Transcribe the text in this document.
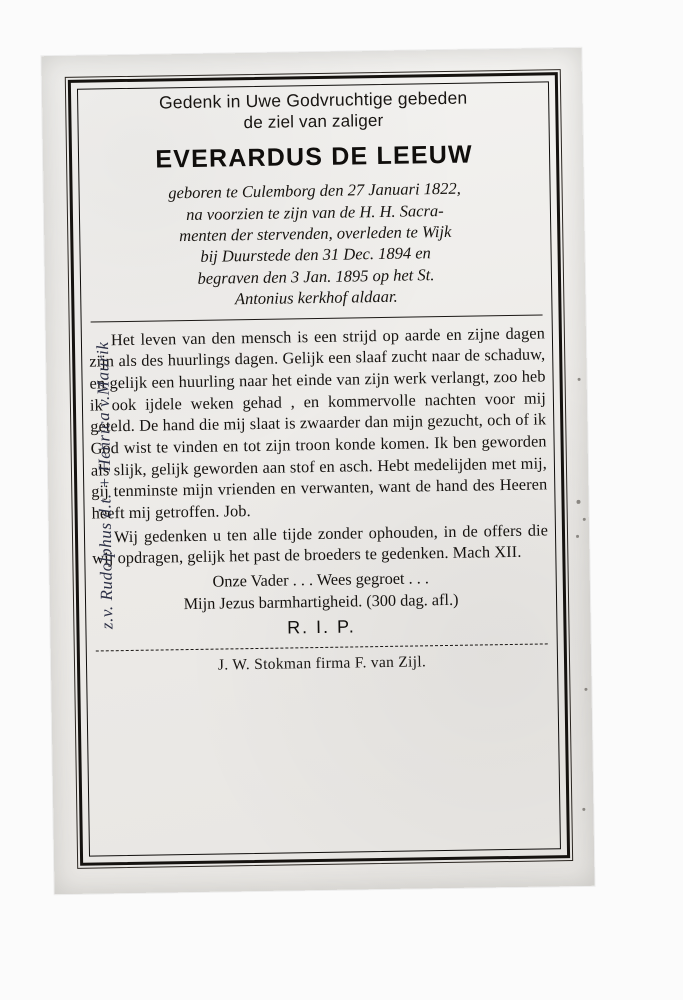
Gedenk in Uwe Godvruchtige gebeden
de ziel van zaliger
EVERARDUS DE LEEUW
geboren te Culemborg den 27 Januari 1822,
na voorzien te zijn van de H. H. Sacra-
menten der stervenden, overleden te Wijk
bij Duurstede den 31 Dec. 1894 en
begraven den 3 Jan. 1895 op het St.
Antonius kerkhof aldaar.

Het leven van den mensch is een strijd op aarde en zijne dagen zijn als des huurlings dagen. Gelijk een slaaf zucht naar de schaduw, en gelijk een huurling naar het einde van zijn werk verlangt, zoo heb ik ook ijdele weken gehad , en kommervolle nachten voor mij geteld. De hand die mij slaat is zwaarder dan mijn gezucht, och of ik God wist te vinden en tot zijn troon konde komen. Ik ben geworden als slijk, gelijk geworden aan stof en asch. Hebt medelijden met mij, gij tenminste mijn vrienden en verwanten, want de hand des Heeren heeft mij getroffen. Job.

Wij gedenken u ten alle tijde zonder ophouden, in de offers die wij opdragen, gelijk het past de broeders te gedenken. Mach XII.

Onze Vader . . . Wees gegroet . . .
Mijn Jezus barmhartigheid. (300 dag. afl.)
R. I. P.
J. W. Stokman firma F. van Zijl.
z.v. Rudolphus d.t. + Henrica v.Maurik
